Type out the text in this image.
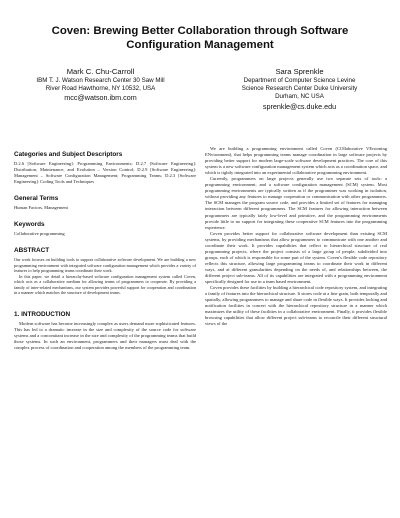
Coven: Brewing Better Collaboration through Software
Configuration Management
Mark C. Chu-Carroll
IBM T. J. Watson Research Center 30 Saw Mill
River Road Hawthorne, NY 10532, USA
mcc@watson.ibm.com
Sara Sprenkle
Department of Computer Science Levine
Science Research Center Duke University
Durham, NC USA
sprenkle@cs.duke.edu
Categories and Subject Descriptors
D.2.6 [Software Engineering]: Programming Environments; D.2.7 [Software Engineering]: Distribution, Maintenance, and Evolution – Version Control; D.2.9 [Software Engineering]: Management – Software Configuration Management; Programming Teams; D.2.3 [Software Engineering]: Coding Tools and Techniques
General Terms
Human Factors, Management
Keywords
Collaborative programming
ABSTRACT

Our work focuses on building tools to support collaborative software development. We are building a new programming environment with integrated software configuration management which provides a variety of features to help programming teams coordinate their work.

In this paper, we detail a hierarchy-based software configuration management system called Coven, which acts as a collaborative medium for allowing teams of programmers to cooperate. By providing a family of inter-related mechanisms, our system provides powerful support for cooperation and coordination in a manner which matches the structure of development teams.

1. INTRODUCTION

Modern software has become increasingly complex as users demand more sophisticated features. This has led to a dramatic increase in the size and complexity of the source code for software systems and a concomitant increase in the size and complexity of the programming teams that build those systems. In such an environment, programmers and their managers must deal with the complex process of coordination and cooperation among the members of the programming team.

We are building a programming environment called Coven (COllaborative VErsioning ENvironment), that helps programming teams manage coordination in large software projects by providing better support for modern large-scale software development practices. The core of this system is a new software configuration management system which acts as a coordination space, and which is tightly integrated into an experimental collaborative programming environment.

Currently, programmers on large projects generally use two separate sets of tools: a programming environment, and a software configuration management (SCM) system. Most programming environments are typically written as if the programmer was working in isolation, without providing any features to manage cooperation or communication with other programmers. The SCM manages the program source code, and provides a limited set of features for managing interaction between different programmers. The SCM features for allowing interaction between programmers are typically fairly low-level and primitive, and the programming environments provide little to no support for integrating these cooperative SCM features into the programming experience.

Coven provides better support for collaborative software development than existing SCM systems, by providing mechanisms that allow programmers to communicate with one another and coordinate their work. It provides capabilities that reflect to hierarchical structure of real programming projects, where the project consists of a large group of people, subdivided into groups, each of which is responsible for some part of the system. Coven's flexible code repository reflects this structure, allowing large programming teams to coordinate their work in different ways, and at different granularities depending on the needs of, and relationships between, the different project sub-teams. All of its capabilities are integrated with a programming environment specifically designed for use in a team based environment.

Coven provides these facilities by building a hierarchical code repository system, and integrating a family of features into the hierarchical structure. It stores code at a fine grain, both temporally and spatially, allowing programmers to manage and share code in flexible ways. It provides locking and notification facilities in concert with the hierarchical repository structure in a manner which maximizes the utility of these facilities in a collaborative environment. Finally, it provides flexible browsing capabilities that allow different project sub-teams to reconcile their different structural views of the
